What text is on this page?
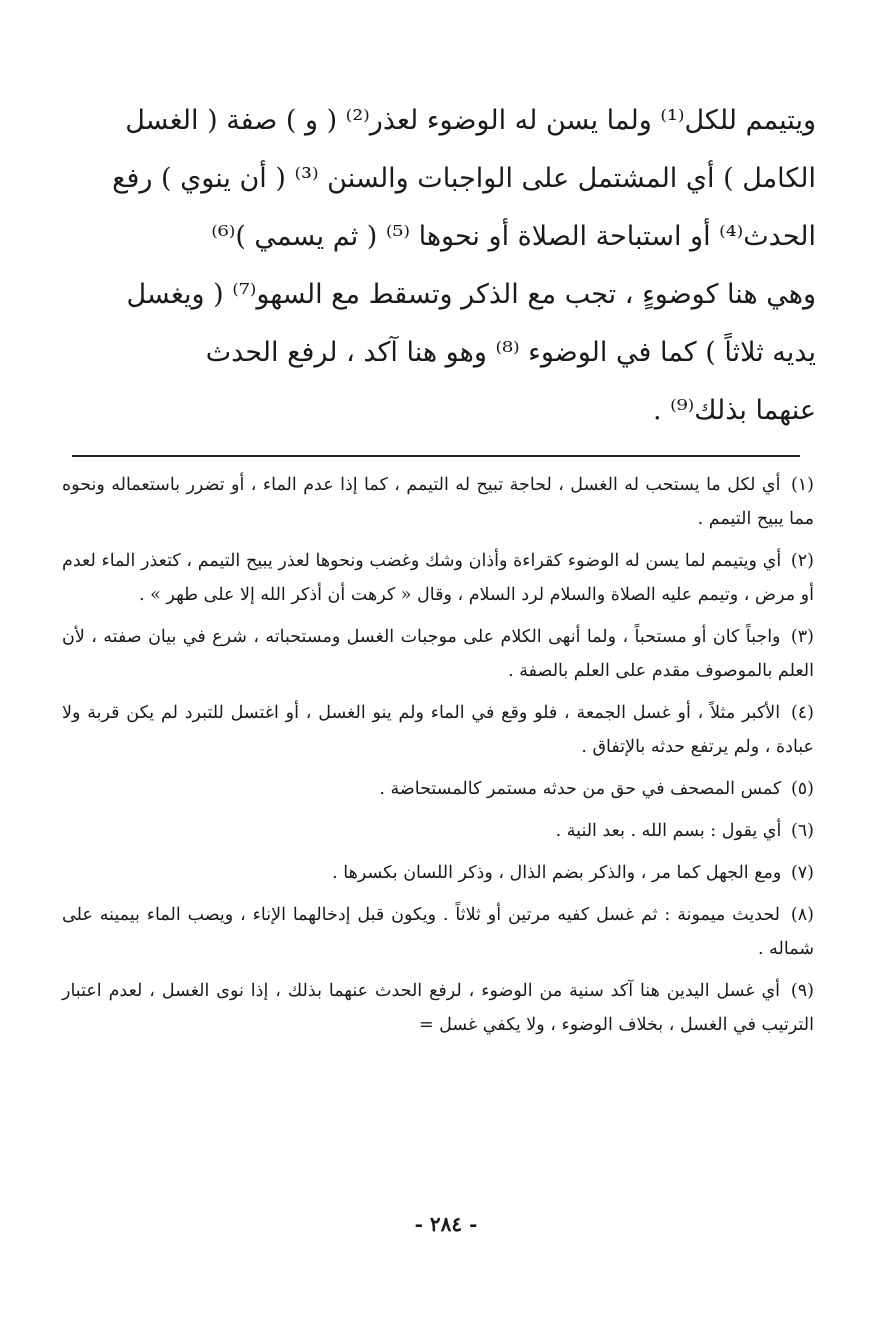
ويتيمم للكل⁽¹⁾ ولما يسن له الوضوء لعذر⁽²⁾ ( و ) صفة ( الغسل
الكامل ) أي المشتمل على الواجبات والسنن ⁽³⁾ ( أن ينوي ) رفع
الحدث⁽⁴⁾ أو استباحة الصلاة أو نحوها ⁽⁵⁾ ( ثم يسمي )⁽⁶⁾
وهي هنا كوضوءٍ ، تجب مع الذكر وتسقط مع السهو⁽⁷⁾ ( ويغسل
يديه ثلاثاً ) كما في الوضوء ⁽⁸⁾ وهو هنا آكد ، لرفع الحدث
عنهما بذلك⁽⁹⁾ .

(١) أي لكل ما يستحب له الغسل ، لحاجة تبيح له التيمم ، كما إذا عدم الماء ، أو تضرر باستعماله ونحوه مما يبيح التيمم .

(٢) أي ويتيمم لما يسن له الوضوء كقراءة وأذان وشك وغضب ونحوها لعذر يبيح التيمم ، كتعذر الماء لعدم أو مرض ، وتيمم عليه الصلاة والسلام لرد السلام ، وقال « كرهت أن أذكر الله إلا على طهر » .

(٣) واجباً كان أو مستحباً ، ولما أنهى الكلام على موجبات الغسل ومستحباته ، شرع في بيان صفته ، لأن العلم بالموصوف مقدم على العلم بالصفة .

(٤) الأكبر مثلاً ، أو غسل الجمعة ، فلو وقع في الماء ولم ينو الغسل ، أو اغتسل للتبرد لم يكن قربة ولا عبادة ، ولم يرتفع حدثه بالإتفاق .

(٥) كمس المصحف في حق من حدثه مستمر كالمستحاضة .

(٦) أي يقول : بسم الله . بعد النية .

(٧) ومع الجهل كما مر ، والذكر بضم الذال ، وذكر اللسان بكسرها .

(٨) لحديث ميمونة : ثم غسل كفيه مرتين أو ثلاثاً . ويكون قبل إدخالهما الإناء ، ويصب الماء بيمينه على شماله .

(٩) أي غسل اليدين هنا آكد سنية من الوضوء ، لرفع الحدث عنهما بذلك ، إذا نوى الغسل ، لعدم اعتبار الترتيب في الغسل ، بخلاف الوضوء ، ولا يكفي غسل =

- ٢٨٤ -
